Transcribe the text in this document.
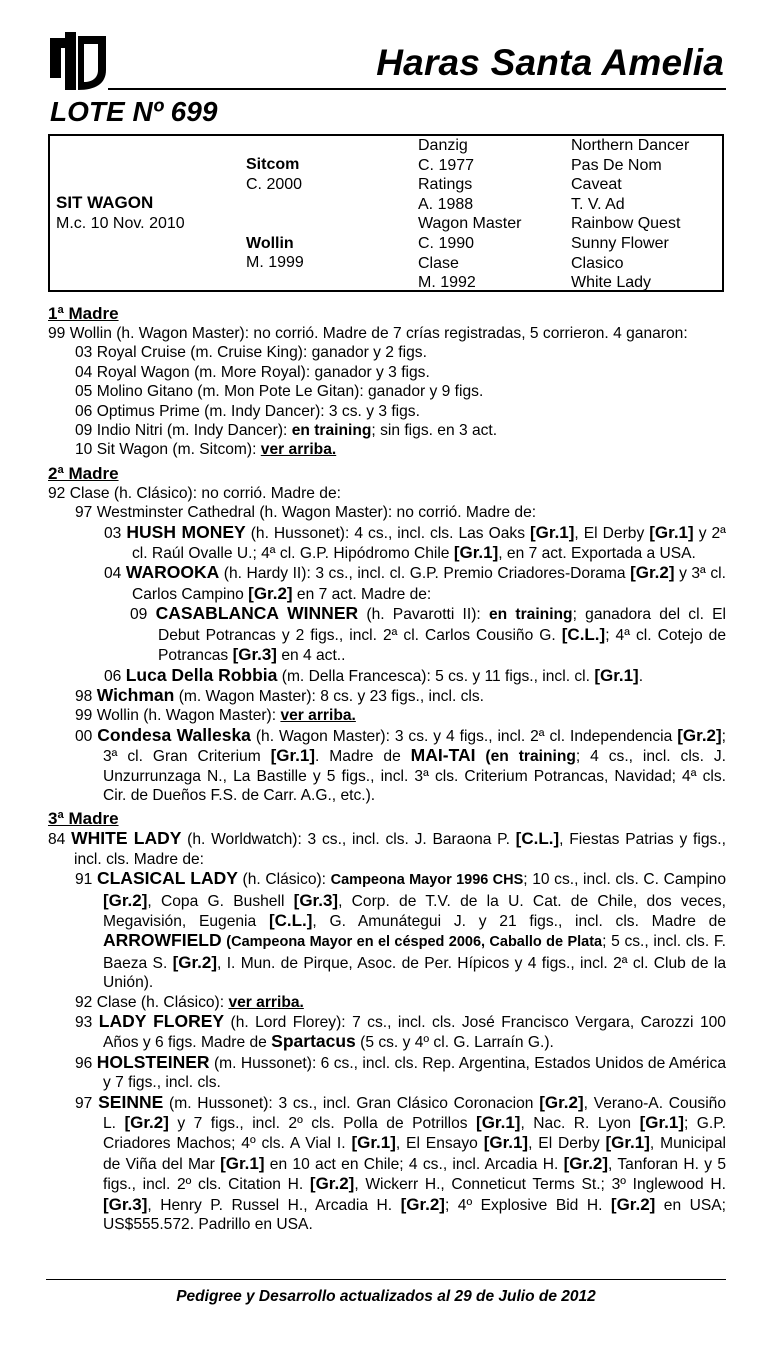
Haras Santa Amelia
LOTE Nº 699
SIT WAGON
M.c. 10 Nov. 2010
Sitcom
C. 2000
Wollin
M. 1999
Danzig
C. 1977
Ratings
A. 1988
Wagon Master
C. 1990
Clase
M. 1992
Northern Dancer
Pas De Nom
Caveat
T. V. Ad
Rainbow Quest
Sunny Flower
Clasico
White Lady
1ª Madre
99 Wollin (h. Wagon Master): no corrió. Madre de 7 crías registradas, 5 corrieron. 4 ganaron:
03 Royal Cruise (m. Cruise King): ganador y 2 figs.
04 Royal Wagon (m. More Royal): ganador y 3 figs.
05 Molino Gitano (m. Mon Pote Le Gitan): ganador y 9 figs.
06 Optimus Prime (m. Indy Dancer): 3 cs. y 3 figs.
09 Indio Nitri (m. Indy Dancer): en training; sin figs. en 3 act.
10 Sit Wagon (m. Sitcom): ver arriba.
2ª Madre
92 Clase (h. Clásico): no corrió. Madre de:
97 Westminster Cathedral (h. Wagon Master): no corrió. Madre de:
03 HUSH MONEY (h. Hussonet): 4 cs., incl. cls. Las Oaks [Gr.1], El Derby [Gr.1] y 2ª cl. Raúl Ovalle U.; 4ª cl. G.P. Hipódromo Chile [Gr.1], en 7 act. Exportada a USA.
04 WAROOKA (h. Hardy II): 3 cs., incl. cl. G.P. Premio Criadores-Dorama [Gr.2] y 3ª cl. Carlos Campino [Gr.2] en 7 act. Madre de:
09 CASABLANCA WINNER (h. Pavarotti II): en training; ganadora del cl. El Debut Potrancas y 2 figs., incl. 2ª cl. Carlos Cousiño G. [C.L.]; 4ª cl. Cotejo de Potrancas [Gr.3] en 4 act..
06 Luca Della Robbia (m. Della Francesca): 5 cs. y 11 figs., incl. cl. [Gr.1].
98 Wichman (m. Wagon Master): 8 cs. y 23 figs., incl. cls.
99 Wollin (h. Wagon Master): ver arriba.
00 Condesa Walleska (h. Wagon Master): 3 cs. y 4 figs., incl. 2ª cl. Independencia [Gr.2]; 3ª cl. Gran Criterium [Gr.1]. Madre de MAI-TAI (en training; 4 cs., incl. cls. J. Unzurrunzaga N., La Bastille y 5 figs., incl. 3ª cls. Criterium Potrancas, Navidad; 4ª cls. Cir. de Dueños F.S. de Carr. A.G., etc.).
3ª Madre
84 WHITE LADY (h. Worldwatch): 3 cs., incl. cls. J. Baraona P. [C.L.], Fiestas Patrias y figs., incl. cls. Madre de:
91 CLASICAL LADY (h. Clásico): Campeona Mayor 1996 CHS; 10 cs., incl. cls. C. Campino [Gr.2], Copa G. Bushell [Gr.3], Corp. de T.V. de la U. Cat. de Chile, dos veces, Megavisión, Eugenia [C.L.], G. Amunátegui J. y 21 figs., incl. cls. Madre de ARROWFIELD (Campeona Mayor en el césped 2006, Caballo de Plata; 5 cs., incl. cls. F. Baeza S. [Gr.2], I. Mun. de Pirque, Asoc. de Per. Hípicos y 4 figs., incl. 2ª cl. Club de la Unión).
92 Clase (h. Clásico): ver arriba.
93 LADY FLOREY (h. Lord Florey): 7 cs., incl. cls. José Francisco Vergara, Carozzi 100 Años y 6 figs. Madre de Spartacus (5 cs. y 4º cl. G. Larraín G.).
96 HOLSTEINER (m. Hussonet): 6 cs., incl. cls. Rep. Argentina, Estados Unidos de América y 7 figs., incl. cls.
97 SEINNE (m. Hussonet): 3 cs., incl. Gran Clásico Coronacion [Gr.2], Verano-A. Cousiño L. [Gr.2] y 7 figs., incl. 2º cls. Polla de Potrillos [Gr.1], Nac. R. Lyon [Gr.1]; G.P. Criadores Machos; 4º cls. A Vial I. [Gr.1], El Ensayo [Gr.1], El Derby [Gr.1], Municipal de Viña del Mar [Gr.1] en 10 act en Chile; 4 cs., incl. Arcadia H. [Gr.2], Tanforan H. y 5 figs., incl. 2º cls. Citation H. [Gr.2], Wickerr H., Conneticut Terms St.; 3º Inglewood H. [Gr.3], Henry P. Russel H., Arcadia H. [Gr.2]; 4º Explosive Bid H. [Gr.2] en USA; US$555.572. Padrillo en USA.
Pedigree y Desarrollo actualizados al 29 de Julio de 2012
